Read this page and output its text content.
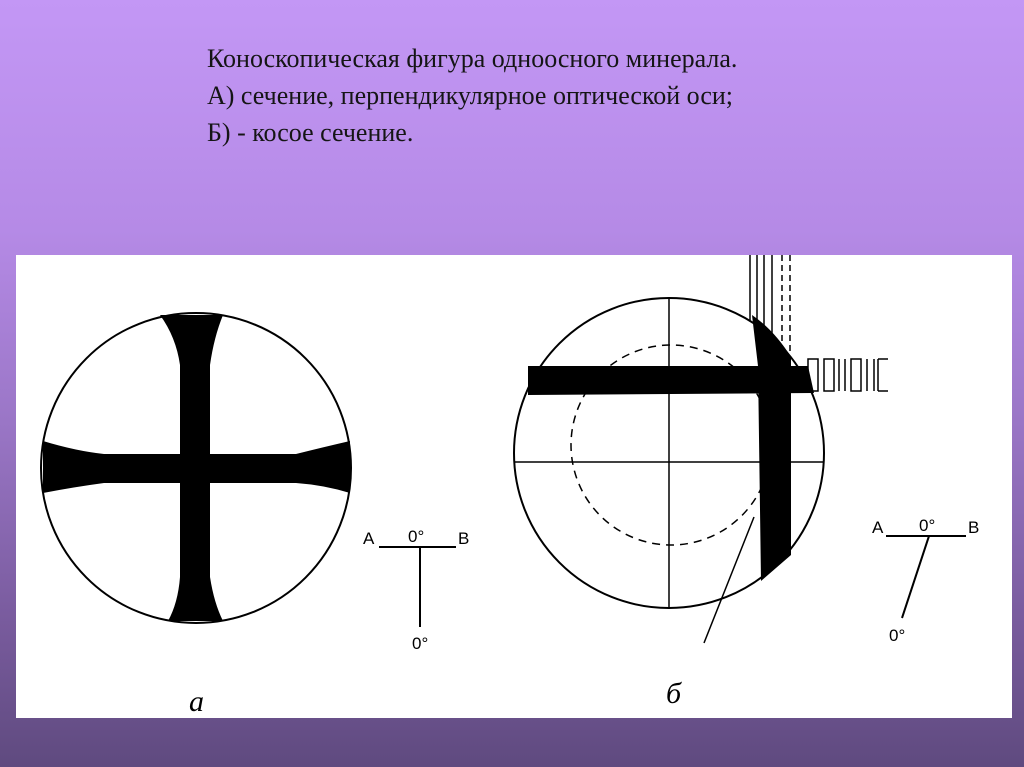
Коноскопическая фигура одноосного минерала.
А) сечение, перпендикулярное оптической оси;
Б) - косое сечение.
A 0° B
0°
A 0° B
0°
а	б
